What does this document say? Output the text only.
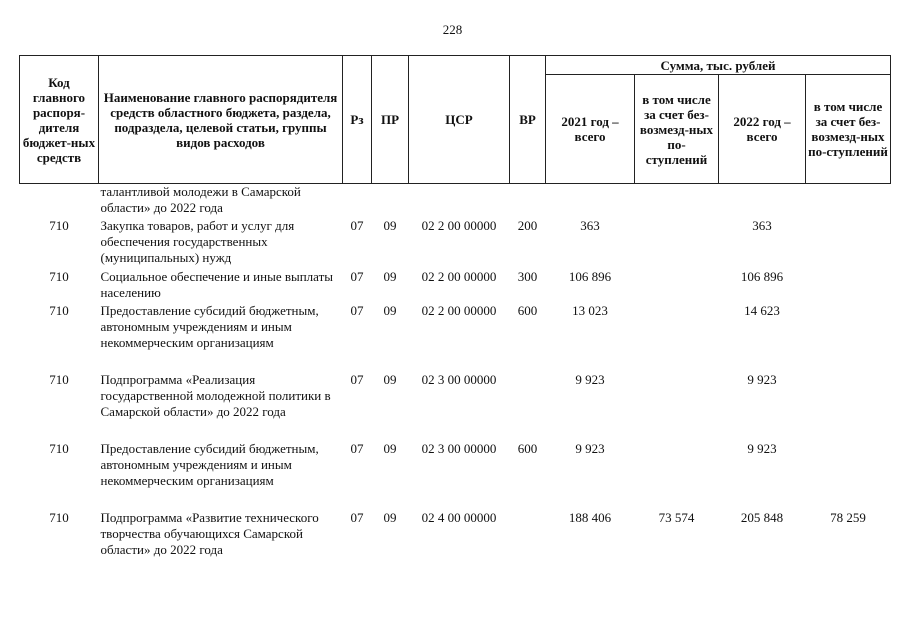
228
Код главного распоря-дителя бюджет-ных средств	Наименование главного распорядителя средств областного бюджета, раздела, подраздела, целевой статьи, группы видов расходов	Рз	ПР	ЦСР	ВР	Сумма, тыс. рублей			
						2021 год – всего	в том числе за счет без-возмезд-ных по-ступлений	2022 год – всего	в том числе за счет без-возмезд-ных по-ступлений
	талантливой молодежи в Самарской области» до 2022 года								
710	Закупка товаров, работ и услуг для обеспечения государственных (муниципальных) нужд	07	09	02 2 00 00000	200	363		363	
710	Социальное обеспечение и иные выплаты населению	07	09	02 2 00 00000	300	106 896		106 896	
710	Предоставление субсидий бюджетным, автономным учреждениям и иным некоммерческим организациям	07	09	02 2 00 00000	600	13 023		14 623	
710	Подпрограмма «Реализация государственной молодежной политики в Самарской области» до 2022 года	07	09	02 3 00 00000		9 923		9 923	
710	Предоставление субсидий бюджетным, автономным учреждениям и иным некоммерческим организациям	07	09	02 3 00 00000	600	9 923		9 923	
710	Подпрограмма «Развитие технического творчества обучающихся Самарской области» до 2022 года	07	09	02 4 00 00000		188 406	73 574	205 848	78 259
